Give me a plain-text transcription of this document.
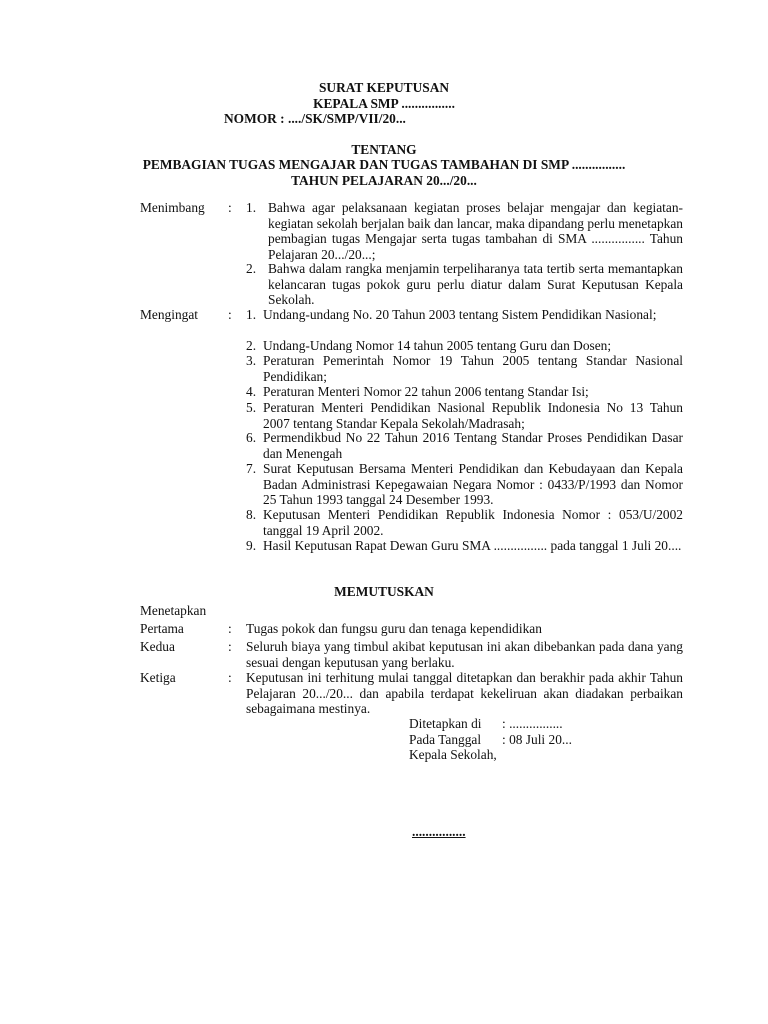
SURAT KEPUTUSAN
KEPALA SMP ................
NOMOR : ..../SK/SMP/VII/20...
TENTANG
PEMBAGIAN TUGAS MENGAJAR DAN TUGAS TAMBAHAN DI SMP ................
TAHUN PELAJARAN 20.../20...
Menimbang : 1. Bahwa agar pelaksanaan kegiatan proses belajar mengajar dan kegiatan-kegiatan sekolah berjalan baik dan lancar, maka dipandang perlu menetapkan pembagian tugas Mengajar serta tugas tambahan di SMA ................ Tahun Pelajaran 20.../20...;
2. Bahwa dalam rangka menjamin terpeliharanya tata tertib serta memantapkan kelancaran tugas pokok guru perlu diatur dalam Surat Keputusan Kepala Sekolah.
Mengingat : 1. Undang-undang No. 20 Tahun 2003 tentang Sistem Pendidikan Nasional;
2. Undang-Undang Nomor 14 tahun 2005 tentang Guru dan Dosen;
3. Peraturan Pemerintah Nomor 19 Tahun 2005 tentang Standar Nasional Pendidikan;
4. Peraturan Menteri Nomor 22 tahun 2006 tentang Standar Isi;
5. Peraturan Menteri Pendidikan Nasional Republik Indonesia No 13 Tahun 2007 tentang Standar Kepala Sekolah/Madrasah;
6. Permendikbud No 22 Tahun 2016 Tentang Standar Proses Pendidikan Dasar dan Menengah
7. Surat Keputusan Bersama Menteri Pendidikan dan Kebudayaan dan Kepala Badan Administrasi Kepegawaian Negara Nomor : 0433/P/1993 dan Nomor 25 Tahun 1993 tanggal 24 Desember 1993.
8. Keputusan Menteri Pendidikan Republik Indonesia Nomor : 053/U/2002 tanggal 19 April 2002.
9. Hasil Keputusan Rapat Dewan Guru SMA ................ pada tanggal 1 Juli 20....
MEMUTUSKAN
Menetapkan
Pertama	: Tugas pokok dan fungsu guru dan tenaga kependidikan
Kedua	: Seluruh biaya yang timbul akibat keputusan ini akan dibebankan pada dana yang sesuai dengan keputusan yang berlaku.
Ketiga	: Keputusan ini terhitung mulai tanggal ditetapkan dan berakhir pada akhir Tahun Pelajaran 20.../20... dan apabila terdapat kekeliruan akan diadakan perbaikan sebagaimana mestinya.
Ditetapkan di : ................
Pada Tanggal : 08 Juli 20...
Kepala Sekolah,
................
